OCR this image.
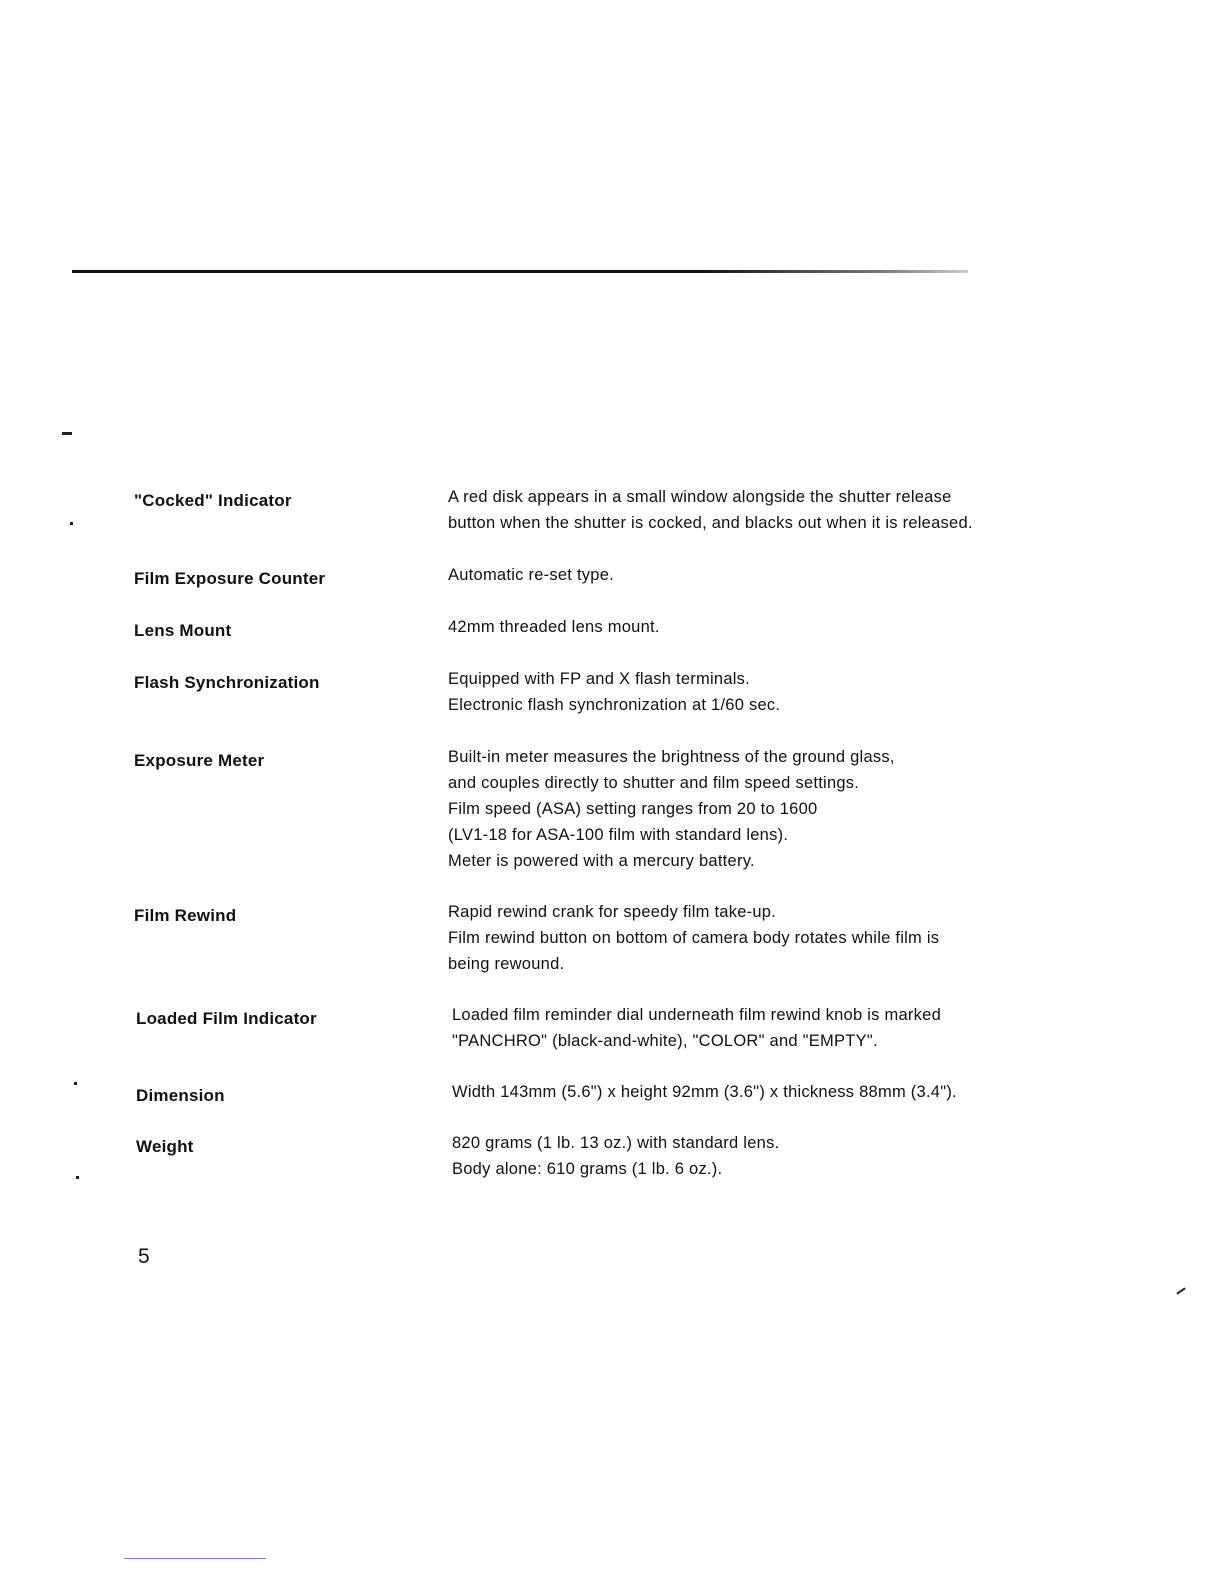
"Cocked" Indicator	A red disk appears in a small window alongside the shutter release
button when the shutter is cocked, and blacks out when it is released.
Film Exposure Counter	Automatic re-set type.
Lens Mount	42mm threaded lens mount.
Flash Synchronization	Equipped with FP and X flash terminals.
Electronic flash synchronization at 1/60 sec.
Exposure Meter	Built-in meter measures the brightness of the ground glass,
and couples directly to shutter and film speed settings.
Film speed (ASA) setting ranges from 20 to 1600
(LV1-18 for ASA-100 film with standard lens).
Meter is powered with a mercury battery.
Film Rewind	Rapid rewind crank for speedy film take-up.
Film rewind button on bottom of camera body rotates while film is
being rewound.
Loaded Film Indicator	Loaded film reminder dial underneath film rewind knob is marked
"PANCHRO" (black-and-white), "COLOR" and "EMPTY".
Dimension	Width 143mm (5.6") x height 92mm (3.6") x thickness 88mm (3.4").
Weight	820 grams (1 lb. 13 oz.) with standard lens.
Body alone: 610 grams (1 lb. 6 oz.).
5
